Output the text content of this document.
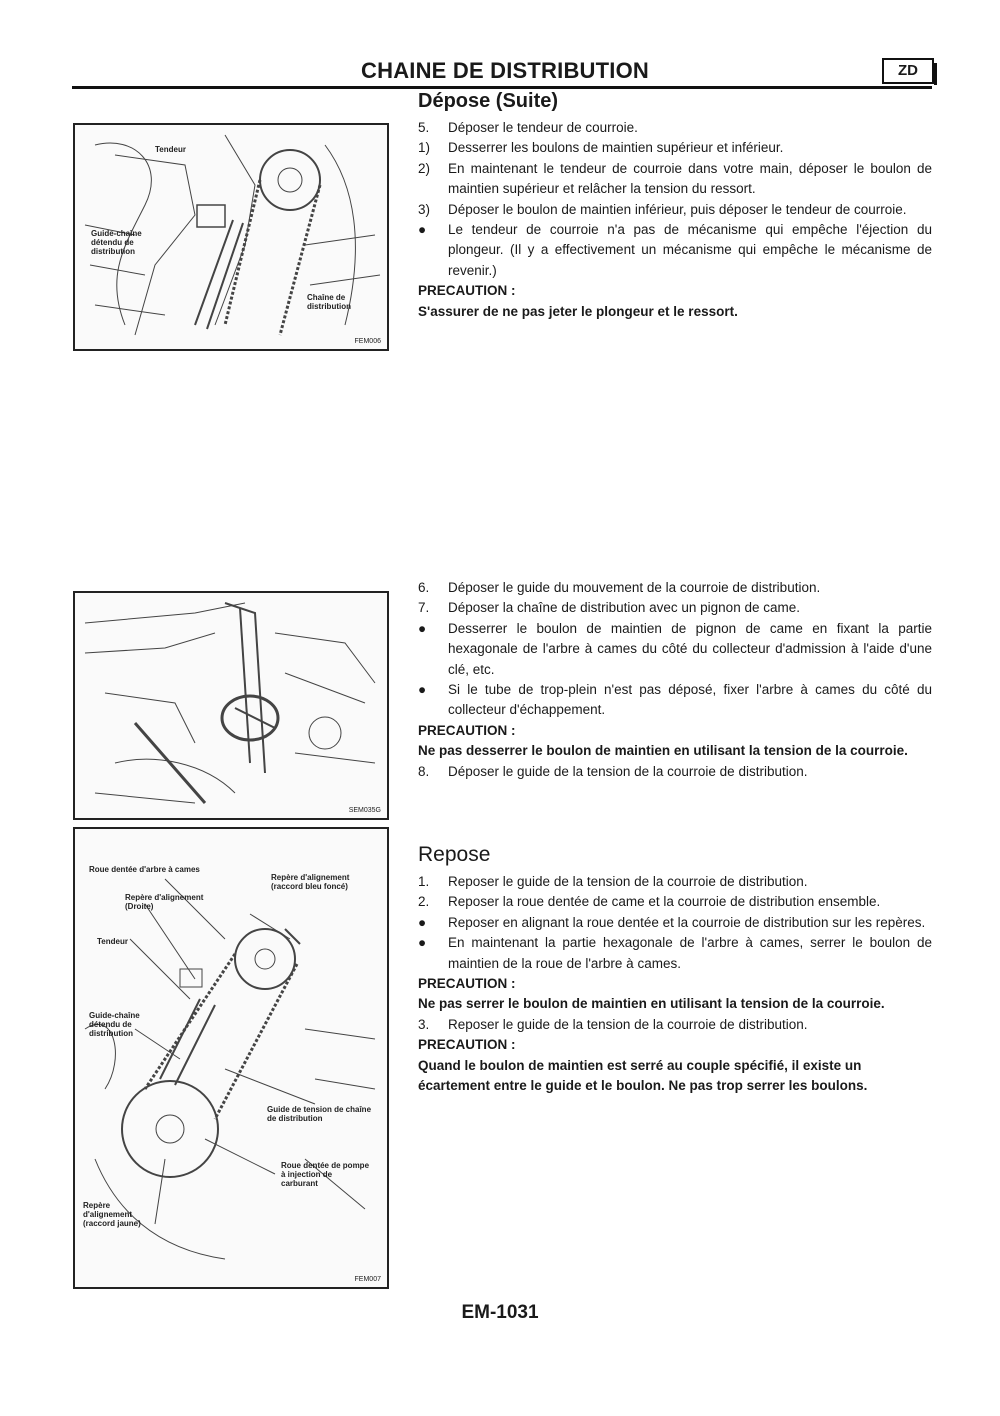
CHAINE DE DISTRIBUTION	ZD
Dépose (Suite)
Tendeur
Guide-chaîne détendu de distribution
Chaîne de distribution
FEM006
5.	Déposer le tendeur de courroie.
1)	Desserrer les boulons de maintien supérieur et inférieur.
2)	En maintenant le tendeur de courroie dans votre main, déposer le boulon de maintien supérieur et relâcher la tension du ressort.
3)	Déposer le boulon de maintien inférieur, puis déposer le tendeur de courroie.
●	Le tendeur de courroie n'a pas de mécanisme qui empêche l'éjection du plongeur. (Il y a effectivement un mécanisme qui empêche le mécanisme de revenir.)
PRECAUTION :
S'assurer de ne pas jeter le plongeur et le ressort.
SEM035G
6.	Déposer le guide du mouvement de la courroie de distribution.
7.	Déposer la chaîne de distribution avec un pignon de came.
●	Desserrer le boulon de maintien de pignon de came en fixant la partie hexagonale de l'arbre à cames du côté du collecteur d'admission à l'aide d'une clé, etc.
●	Si le tube de trop-plein n'est pas déposé, fixer l'arbre à cames du côté du collecteur d'échappement.
PRECAUTION :
Ne pas desserrer le boulon de maintien en utilisant la tension de la courroie.
8.	Déposer le guide de la tension de la courroie de distribution.
Roue dentée d'arbre à cames
Repère d'alignement (raccord bleu foncé)
Repère d'alignement (Droite)
Tendeur
Guide-chaîne détendu de distribution
Guide de tension de chaîne de distribution
Roue dentée de pompe à injection de carburant
Repère d'alignement (raccord jaune)
FEM007
Repose
1.	Reposer le guide de la tension de la courroie de distribution.
2.	Reposer la roue dentée de came et la courroie de distribution ensemble.
●	Reposer en alignant la roue dentée et la courroie de distribution sur les repères.
●	En maintenant la partie hexagonale de l'arbre à cames, serrer le boulon de maintien de la roue de l'arbre à cames.
PRECAUTION :
Ne pas serrer le boulon de maintien en utilisant la tension de la courroie.
3.	Reposer le guide de la tension de la courroie de distribution.
PRECAUTION :
Quand le boulon de maintien est serré au couple spécifié, il existe un écartement entre le guide et le boulon. Ne pas trop serrer les boulons.
EM-1031
